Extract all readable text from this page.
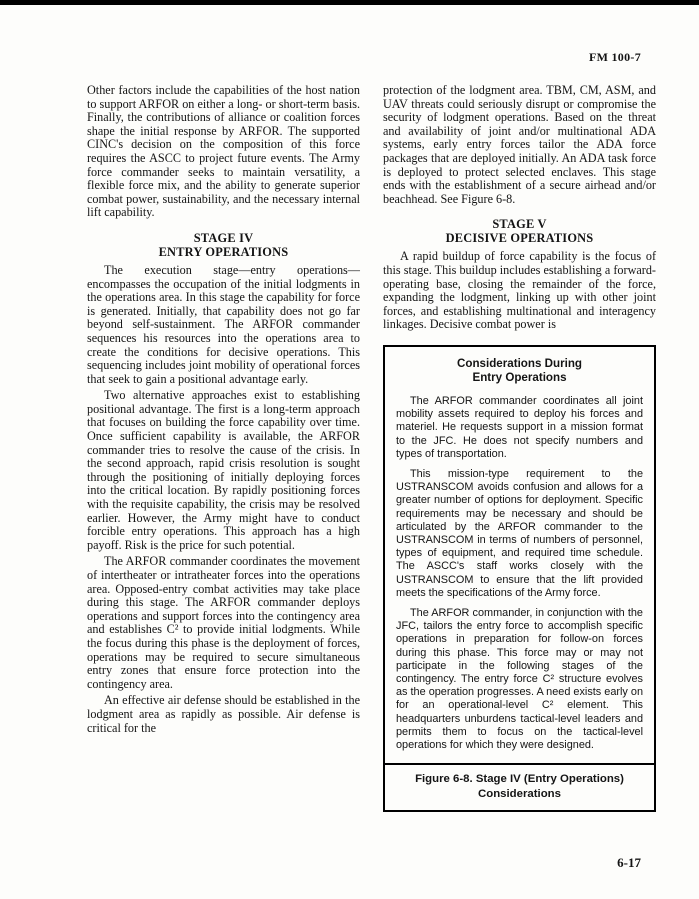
FM 100-7

Other factors include the capabilities of the host nation to support ARFOR on either a long- or short-term basis. Finally, the contributions of alliance or coalition forces shape the initial response by ARFOR. The supported CINC's decision on the composition of this force requires the ASCC to project future events. The Army force commander seeks to maintain versatility, a flexible force mix, and the ability to generate superior combat power, sustainability, and the necessary internal lift capability.

STAGE IV
ENTRY OPERATIONS

The execution stage—entry operations—encompasses the occupation of the initial lodgments in the operations area. In this stage the capability for force is generated. Initially, that capability does not go far beyond self-sustainment. The ARFOR commander sequences his resources into the operations area to create the conditions for decisive operations. This sequencing includes joint mobility of operational forces that seek to gain a positional advantage early.

Two alternative approaches exist to establishing positional advantage. The first is a long-term approach that focuses on building the force capability over time. Once sufficient capability is available, the ARFOR commander tries to resolve the cause of the crisis. In the second approach, rapid crisis resolution is sought through the positioning of initially deploying forces into the critical location. By rapidly positioning forces with the requisite capability, the crisis may be resolved earlier. However, the Army might have to conduct forcible entry operations. This approach has a high payoff. Risk is the price for such potential.

The ARFOR commander coordinates the movement of intertheater or intratheater forces into the operations area. Opposed-entry combat activities may take place during this stage. The ARFOR commander deploys operations and support forces into the contingency area and establishes C² to provide initial lodgments. While the focus during this phase is the deployment of forces, operations may be required to secure simultaneous entry zones that ensure force protection into the contingency area.

An effective air defense should be established in the lodgment area as rapidly as possible. Air defense is critical for the

protection of the lodgment area. TBM, CM, ASM, and UAV threats could seriously disrupt or compromise the security of lodgment operations. Based on the threat and availability of joint and/or multinational ADA systems, early entry forces tailor the ADA force packages that are deployed initially. An ADA task force is deployed to protect selected enclaves. This stage ends with the establishment of a secure airhead and/or beachhead. See Figure 6-8.

STAGE V
DECISIVE OPERATIONS

A rapid buildup of force capability is the focus of this stage. This buildup includes establishing a forward-operating base, closing the remainder of the force, expanding the lodgment, linking up with other joint forces, and establishing multinational and interagency linkages. Decisive combat power is

Considerations During
Entry Operations

The ARFOR commander coordinates all joint mobility assets required to deploy his forces and materiel. He requests support in a mission format to the JFC. He does not specify numbers and types of transportation.

This mission-type requirement to the USTRANSCOM avoids confusion and allows for a greater number of options for deployment. Specific requirements may be necessary and should be articulated by the ARFOR commander to the USTRANSCOM in terms of numbers of personnel, types of equipment, and required time schedule. The ASCC's staff works closely with the USTRANSCOM to ensure that the lift provided meets the specifications of the Army force.

The ARFOR commander, in conjunction with the JFC, tailors the entry force to accomplish specific operations in preparation for follow-on forces during this phase. This force may or may not participate in the following stages of the contingency. The entry force C² structure evolves as the operation progresses. A need exists early on for an operational-level C² element. This headquarters unburdens tactical-level leaders and permits them to focus on the tactical-level operations for which they were designed.

Figure 6-8. Stage IV (Entry Operations)
Considerations
6-17
